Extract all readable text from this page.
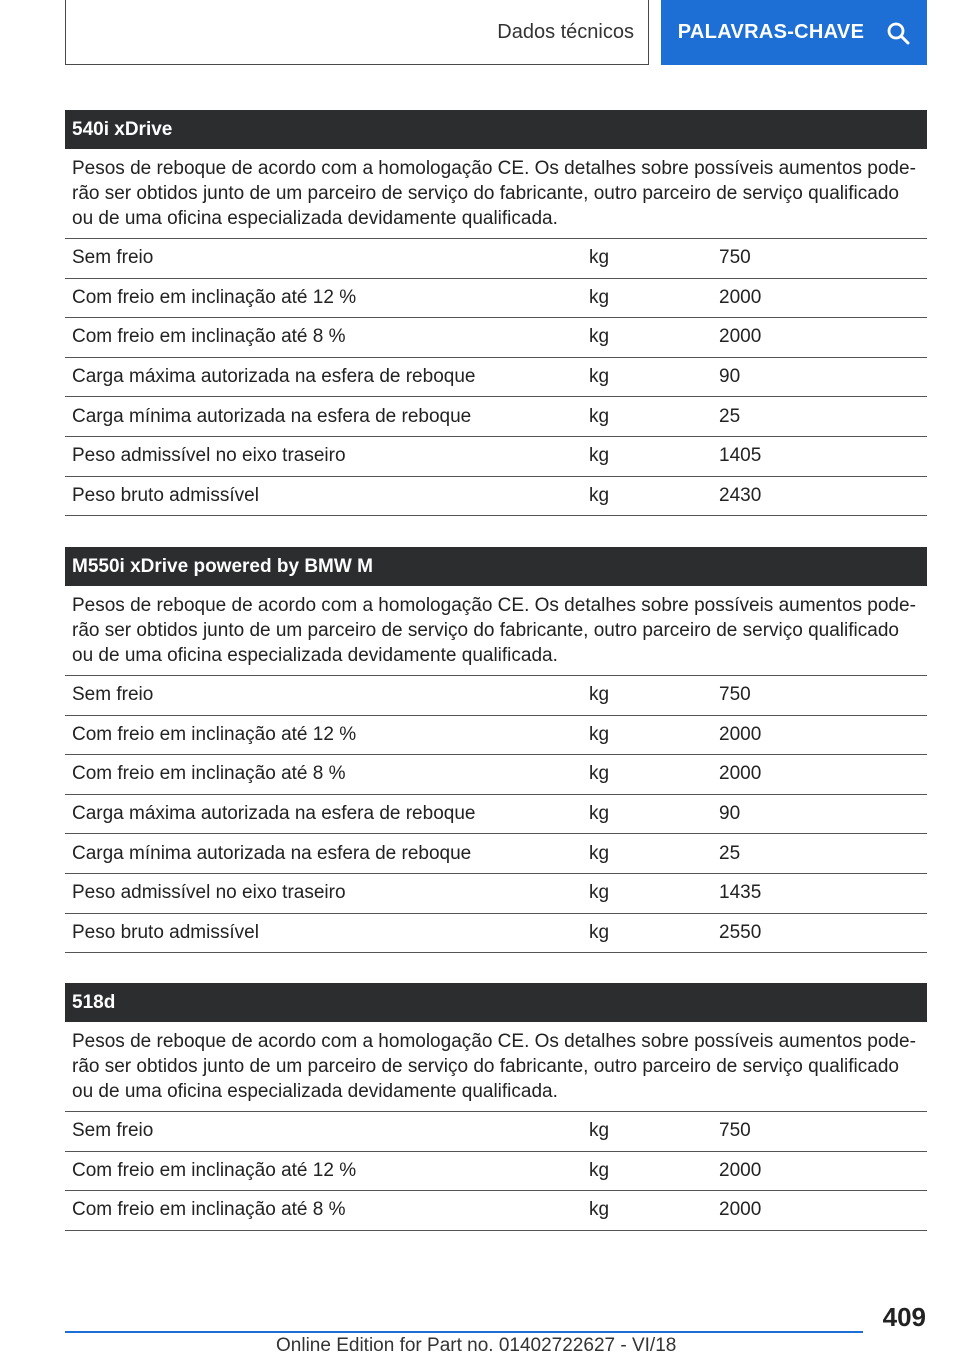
Dados técnicos PALAVRAS-CHAVE
540i xDrive
Pesos de reboque de acordo com a homologação CE. Os detalhes sobre possíveis aumentos pode-rão ser obtidos junto de um parceiro de serviço do fabricante, outro parceiro de serviço qualificado ou de uma oficina especializada devidamente qualificada.
Sem freio	kg	750
Com freio em inclinação até 12 %	kg	2000
Com freio em inclinação até 8 %	kg	2000
Carga máxima autorizada na esfera de reboque	kg	90
Carga mínima autorizada na esfera de reboque	kg	25
Peso admissível no eixo traseiro	kg	1405
Peso bruto admissível	kg	2430
M550i xDrive powered by BMW M
Pesos de reboque de acordo com a homologação CE. Os detalhes sobre possíveis aumentos pode-rão ser obtidos junto de um parceiro de serviço do fabricante, outro parceiro de serviço qualificado ou de uma oficina especializada devidamente qualificada.
Sem freio	kg	750
Com freio em inclinação até 12 %	kg	2000
Com freio em inclinação até 8 %	kg	2000
Carga máxima autorizada na esfera de reboque	kg	90
Carga mínima autorizada na esfera de reboque	kg	25
Peso admissível no eixo traseiro	kg	1435
Peso bruto admissível	kg	2550
518d
Pesos de reboque de acordo com a homologação CE. Os detalhes sobre possíveis aumentos pode-rão ser obtidos junto de um parceiro de serviço do fabricante, outro parceiro de serviço qualificado ou de uma oficina especializada devidamente qualificada.
Sem freio	kg	750
Com freio em inclinação até 12 %	kg	2000
Com freio em inclinação até 8 %	kg	2000
409
Online Edition for Part no. 01402722627 - VI/18
